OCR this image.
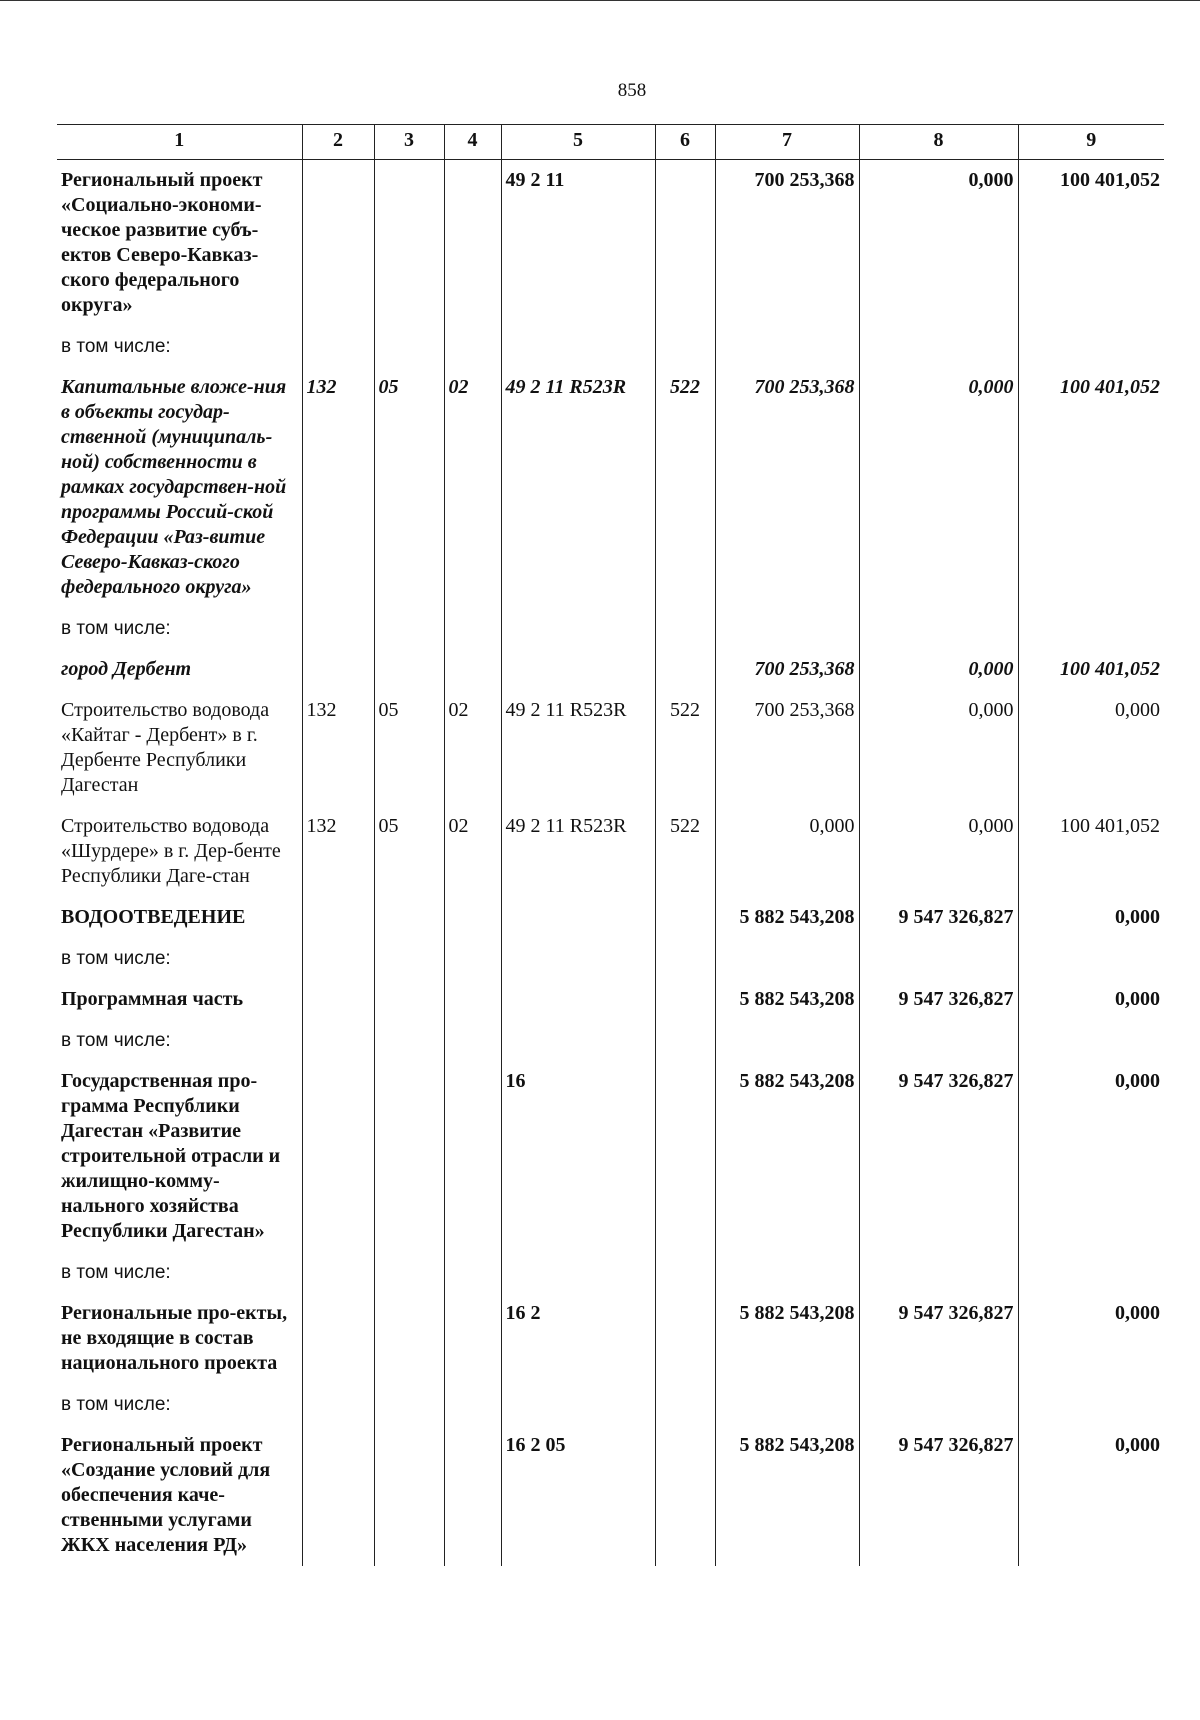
858
1	2	3	4	5	6	7	8	9
Региональный проект «Социально-экономи-ческое развитие субъ-ектов Северо-Кавказ-ского федерального округа»				49 2 11		700 253,368	0,000	100 401,052
в том числе:								
Капитальные вложе-ния в объекты государ-ственной (муниципаль-ной) собственности в рамках государствен-ной программы Россий-ской Федерации «Раз-витие Северо-Кавказ-ского федерального округа»	132	05	02	49 2 11 R523R	522	700 253,368	0,000	100 401,052
в том числе:								
город Дербент						700 253,368	0,000	100 401,052
Строительство водовода «Кайтаг - Дербент» в г. Дербенте Республики Дагестан	132	05	02	49 2 11 R523R	522	700 253,368	0,000	0,000
Строительство водовода «Шурдере» в г. Дер-бенте Республики Даге-стан	132	05	02	49 2 11 R523R	522	0,000	0,000	100 401,052
ВОДООТВЕДЕНИЕ						5 882 543,208	9 547 326,827	0,000
в том числе:								
Программная часть						5 882 543,208	9 547 326,827	0,000
в том числе:								
Государственная про-грамма Республики Дагестан «Развитие строительной отрасли и жилищно-комму-нального хозяйства Республики Дагестан»				16		5 882 543,208	9 547 326,827	0,000
в том числе:								
Региональные про-екты, не входящие в состав национального проекта				16 2		5 882 543,208	9 547 326,827	0,000
в том числе:								
Региональный проект «Создание условий для обеспечения каче-ственными услугами ЖКХ населения РД»				16 2 05		5 882 543,208	9 547 326,827	0,000
